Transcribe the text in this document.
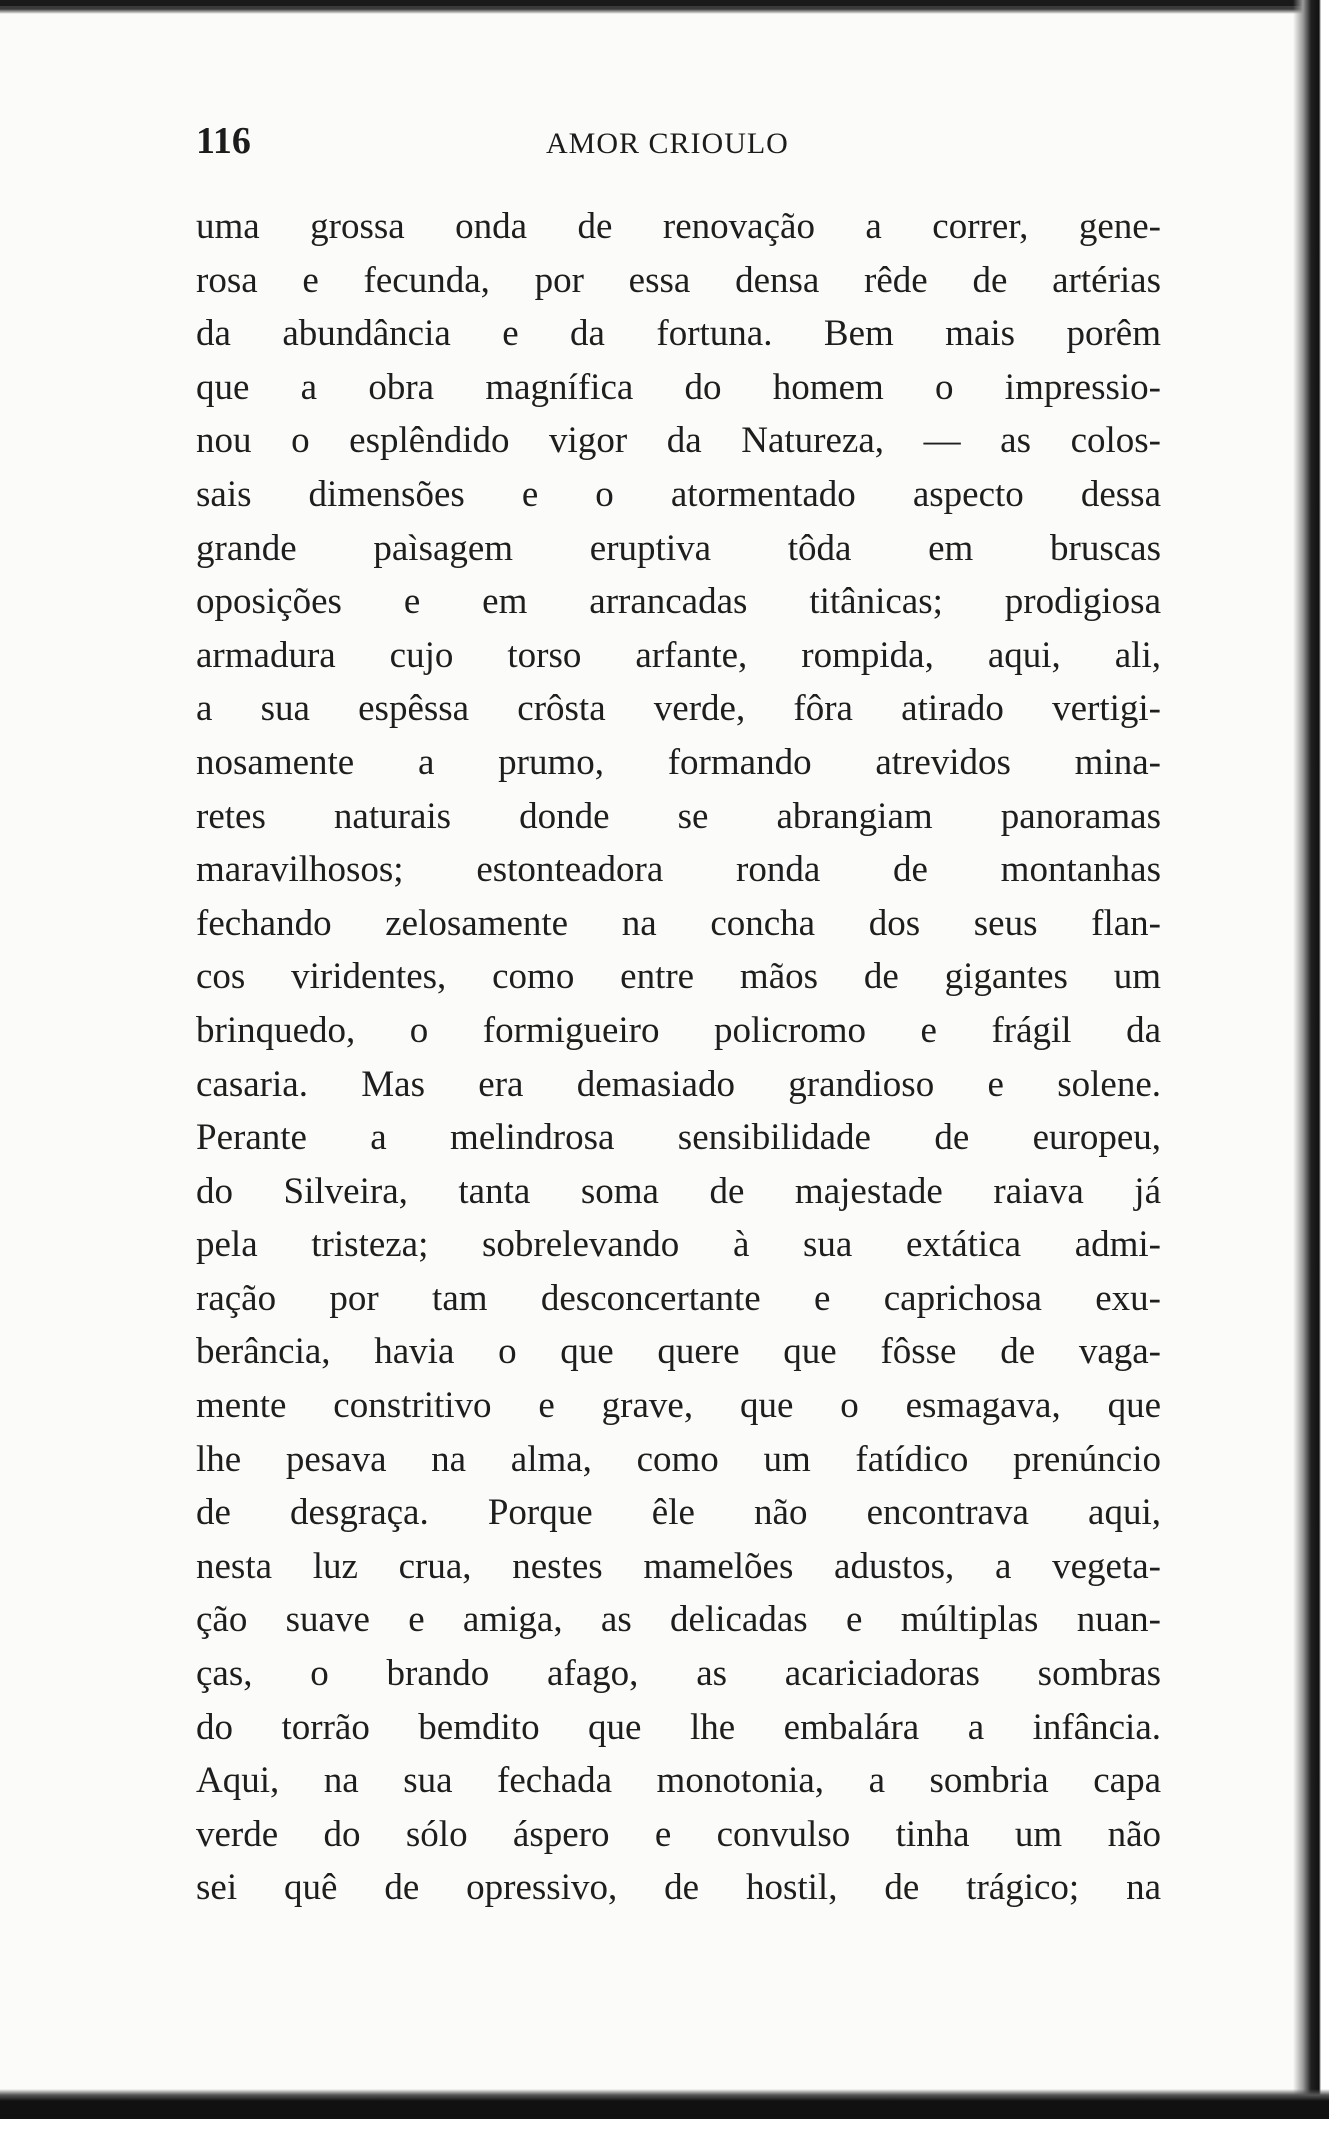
116	AMOR CRIOULO
uma grossa onda de renovação a correr, gene-
rosa e fecunda, por essa densa rêde de artérias
da abundância e da fortuna. Bem mais porêm
que a obra magnífica do homem o impressio-
nou o esplêndido vigor da Natureza, — as colos-
sais dimensões e o atormentado aspecto dessa
grande paìsagem eruptiva tôda em bruscas
oposições e em arrancadas titânicas; prodigiosa
armadura cujo torso arfante, rompida, aqui, ali,
a sua espêssa crôsta verde, fôra atirado vertigi-
nosamente a prumo, formando atrevidos mina-
retes naturais donde se abrangiam panoramas
maravilhosos; estonteadora ronda de montanhas
fechando zelosamente na concha dos seus flan-
cos viridentes, como entre mãos de gigantes um
brinquedo, o formigueiro policromo e frágil da
casaria. Mas era demasiado grandioso e solene.
Perante a melindrosa sensibilidade de europeu,
do Silveira, tanta soma de majestade raiava já
pela tristeza; sobrelevando à sua extática admi-
ração por tam desconcertante e caprichosa exu-
berância, havia o que quere que fôsse de vaga-
mente constritivo e grave, que o esmagava, que
lhe pesava na alma, como um fatídico prenúncio
de desgraça. Porque êle não encontrava aqui,
nesta luz crua, nestes mamelões adustos, a vegeta-
ção suave e amiga, as delicadas e múltiplas nuan-
ças, o brando afago, as acariciadoras sombras
do torrão bemdito que lhe embalára a infância.
Aqui, na sua fechada monotonia, a sombria capa
verde do sólo áspero e convulso tinha um não
sei quê de opressivo, de hostil, de trágico; na
